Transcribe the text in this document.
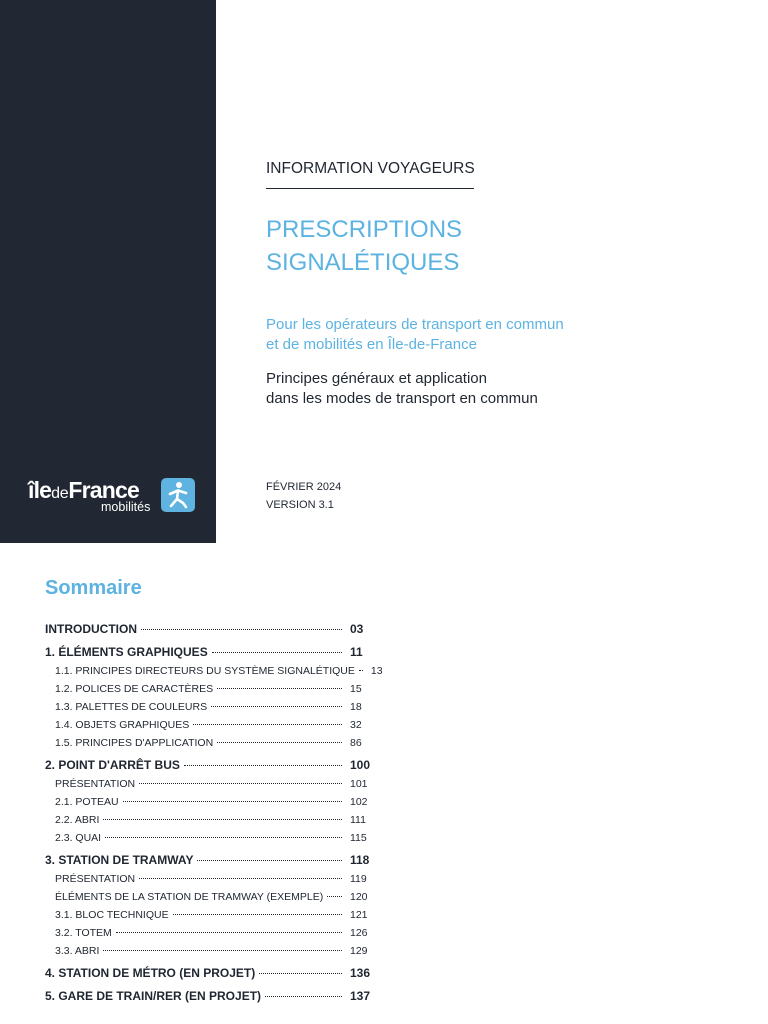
îledeFrance
mobilités
INFORMATION VOYAGEURS
PRESCRIPTIONS
SIGNALÉTIQUES
Pour les opérateurs de transport en commun
et de mobilités en Île-de-France
Principes généraux et application
dans les modes de transport en commun
FÉVRIER 2024
VERSION 3.1
Sommaire
INTRODUCTION	03
1. ÉLÉMENTS GRAPHIQUES	11
1.1. PRINCIPES DIRECTEURS DU SYSTÈME SIGNALÉTIQUE	13
1.2. POLICES DE CARACTÈRES	15
1.3. PALETTES DE COULEURS	18
1.4. OBJETS GRAPHIQUES	32
1.5. PRINCIPES D'APPLICATION	86
2. POINT D'ARRÊT BUS	100
PRÉSENTATION	101
2.1. POTEAU	102
2.2. ABRI	111
2.3. QUAI	115
3. STATION DE TRAMWAY	118
PRÉSENTATION	119
ÉLÉMENTS DE LA STATION DE TRAMWAY (EXEMPLE)	120
3.1. BLOC TECHNIQUE	121
3.2. TOTEM	126
3.3. ABRI	129
4. STATION DE MÉTRO (EN PROJET)	136
5. GARE DE TRAIN/RER (EN PROJET)	137
